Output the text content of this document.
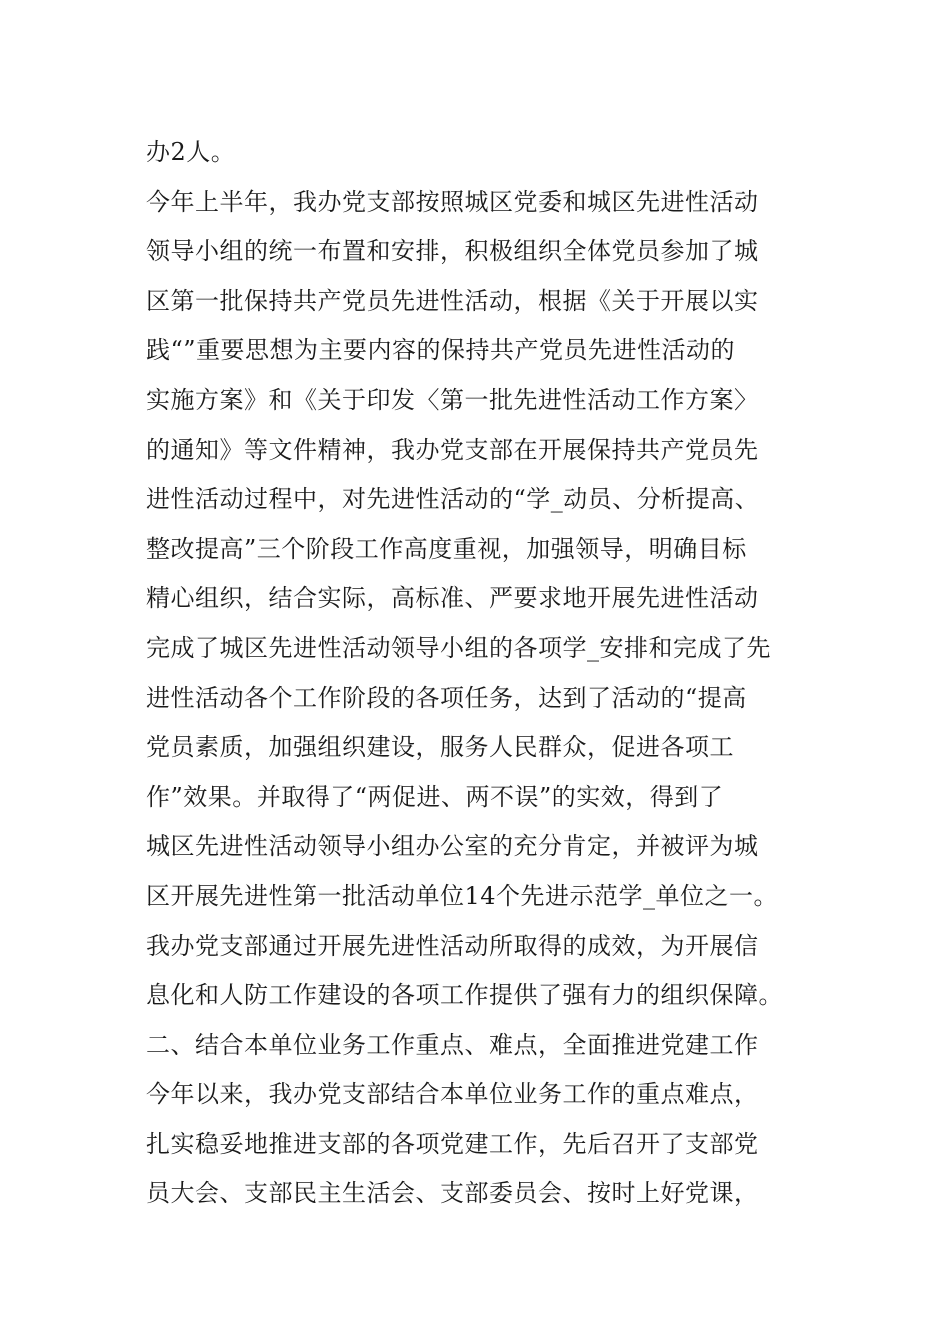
办2人。
今年上半年，我办党支部按照城区党委和城区先进性活动
领导小组的统一布置和安排，积极组织全体党员参加了城
区第一批保持共产党员先进性活动，根据《关于开展以实
践“”重要思想为主要内容的保持共产党员先进性活动的
实施方案》和《关于印发〈第一批先进性活动工作方案〉
的通知》等文件精神，我办党支部在开展保持共产党员先
进性活动过程中，对先进性活动的“学_动员、分析提高、
整改提高”三个阶段工作高度重视，加强领导，明确目标
精心组织，结合实际，高标准、严要求地开展先进性活动
完成了城区先进性活动领导小组的各项学_安排和完成了先
进性活动各个工作阶段的各项任务，达到了活动的“提高
党员素质，加强组织建设，服务人民群众，促进各项工
作”效果。并取得了“两促进、两不误”的实效，得到了
城区先进性活动领导小组办公室的充分肯定，并被评为城
区开展先进性第一批活动单位14个先进示范学_单位之一。
我办党支部通过开展先进性活动所取得的成效，为开展信
息化和人防工作建设的各项工作提供了强有力的组织保障。
二、结合本单位业务工作重点、难点，全面推进党建工作
今年以来，我办党支部结合本单位业务工作的重点难点，
扎实稳妥地推进支部的各项党建工作，先后召开了支部党
员大会、支部民主生活会、支部委员会、按时上好党课，
